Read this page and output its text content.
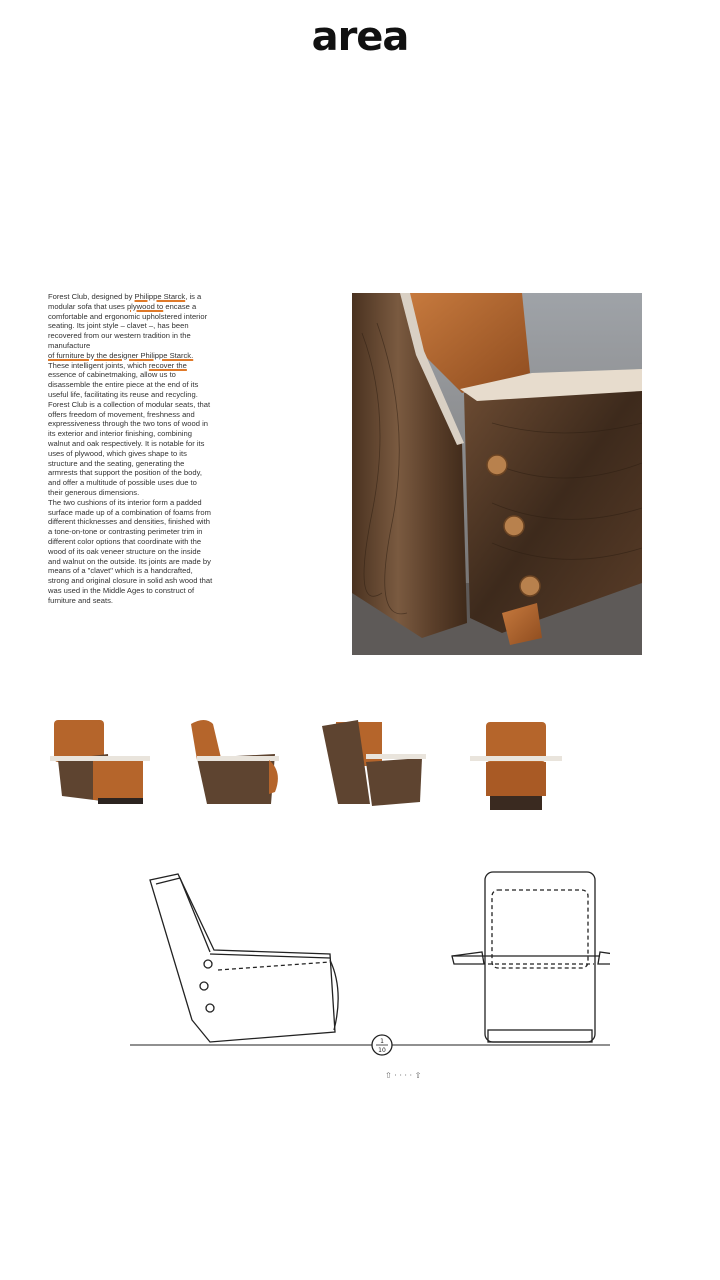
area

Forest Club, designed by Philippe Starck, is a modular sofa that uses plywood to encase a comfortable and ergonomic upholstered interior seating. Its joint style – clavet –, has been recovered from our western tradition in the manufacture
of furniture by the designer Philippe Starck. These intelligent joints, which recover the essence of cabinetmaking, allow us to disassemble the entire piece at the end of its useful life, facilitating its reuse and recycling. Forest Club is a collection of modular seats, that offers freedom of movement, freshness and expressiveness through the two tons of wood in its exterior and interior finishing, combining walnut and oak respectively. It is notable for its uses of plywood, which gives shape to its structure and the seating, generating the armrests that support the position of the body, and offer a multitude of possible uses due to their generous dimensions.

The two cushions of its interior form a padded surface made up of a combination of foams from different thicknesses and densities, finished with a tone-on-tone or contrasting perimeter trim in different color options that coordinate with the wood of its oak veneer structure on the inside and walnut on the outside. Its joints are made by means of a "clavet" which is a handcrafted, strong and original closure in solid ash wood that was used in the Middle Ages to construct of furniture and seats.

1
10
⇧ · · · · ⇧
